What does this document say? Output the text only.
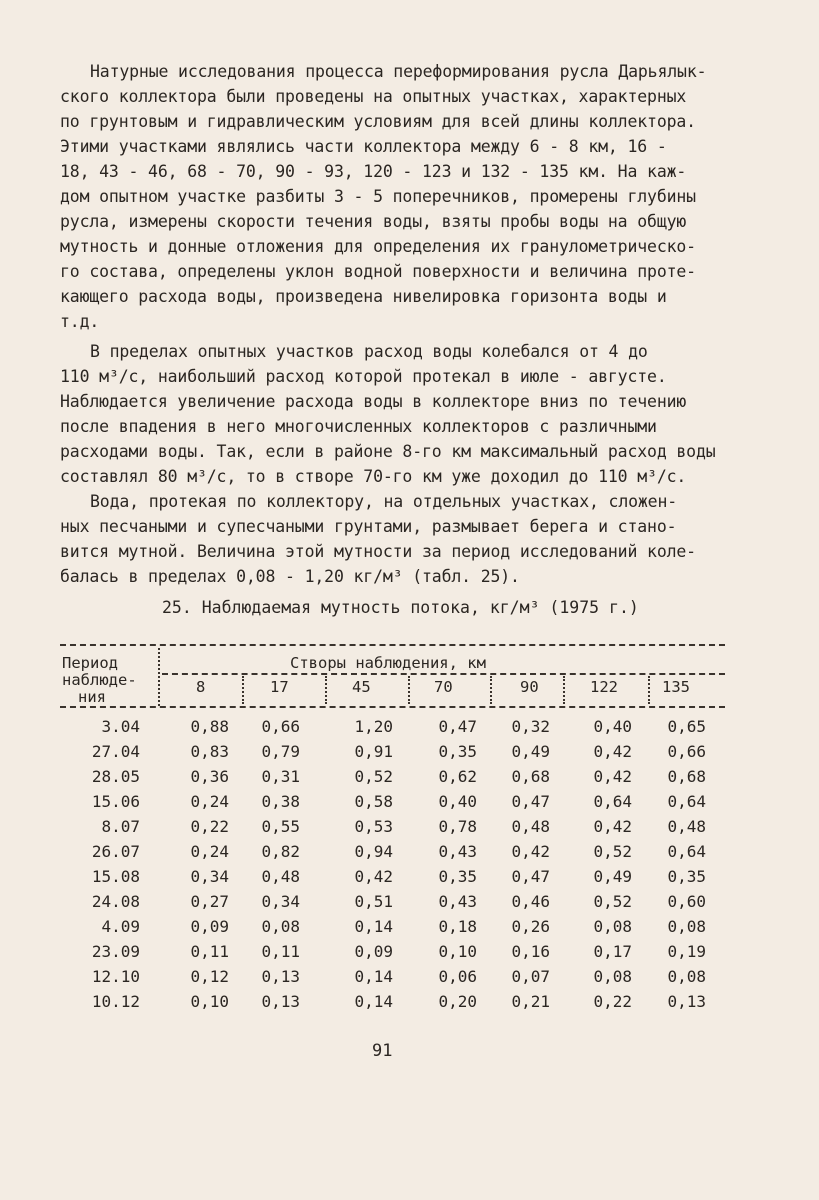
Натурные исследования процесса переформирования русла Дарьялык-
ского коллектора были проведены на опытных участках, характерных
по грунтовым и гидравлическим условиям для всей длины коллектора.
Этими участками являлись части коллектора между 6 - 8 км, 16 -
18, 43 - 46, 68 - 70, 90 - 93, 120 - 123 и 132 - 135 км. На каж-
дом опытном участке разбиты 3 - 5 поперечников, промерены глубины
русла, измерены скорости течения воды, взяты пробы воды на общую
мутность и донные отложения для определения их гранулометрическо-
го состава, определены уклон водной поверхности и величина проте-
кающего расхода воды, произведена нивелировка горизонта воды и
т.д.
В пределах опытных участков расход воды колебался от 4 до
110 м³/с, наибольший расход которой протекал в июле - августе.
Наблюдается увеличение расхода воды в коллекторе вниз по течению
после впадения в него многочисленных коллекторов с различными
расходами воды. Так, если в районе 8-го км максимальный расход воды
составлял 80 м³/с, то в створе 70-го км уже доходил до 110 м³/с.
Вода, протекая по коллектору, на отдельных участках, сложен-
ных песчаными и супесчаными грунтами, размывает берега и стано-
вится мутной. Величина этой мутности за период исследований коле-
балась в пределах 0,08 - 1,20 кг/м³ (табл. 25).
25. Наблюдаемая мутность потока, кг/м³ (1975 г.)
Период
наблюде-
ния
Створы наблюдения, км
8	17	45	70	90	122	135
3.04	0,88 0,66	1,20	0,47 0,32	0,40 0,65
27.04	0,83 0,79	0,91	0,35 0,49	0,42 0,66
28.05	0,36 0,31	0,52	0,62 0,68	0,42 0,68
15.06	0,24 0,38	0,58	0,40 0,47	0,64 0,64
8.07	0,22 0,55	0,53	0,78 0,48	0,42 0,48
26.07	0,24 0,82	0,94	0,43 0,42	0,52 0,64
15.08	0,34 0,48	0,42	0,35 0,47	0,49 0,35
24.08	0,27 0,34	0,51	0,43 0,46	0,52 0,60
4.09	0,09 0,08	0,14	0,18 0,26	0,08 0,08
23.09	0,11 0,11	0,09	0,10 0,16	0,17 0,19
12.10	0,12 0,13	0,14	0,06 0,07	0,08 0,08
10.12	0,10 0,13	0,14	0,20 0,21	0,22 0,13
91
